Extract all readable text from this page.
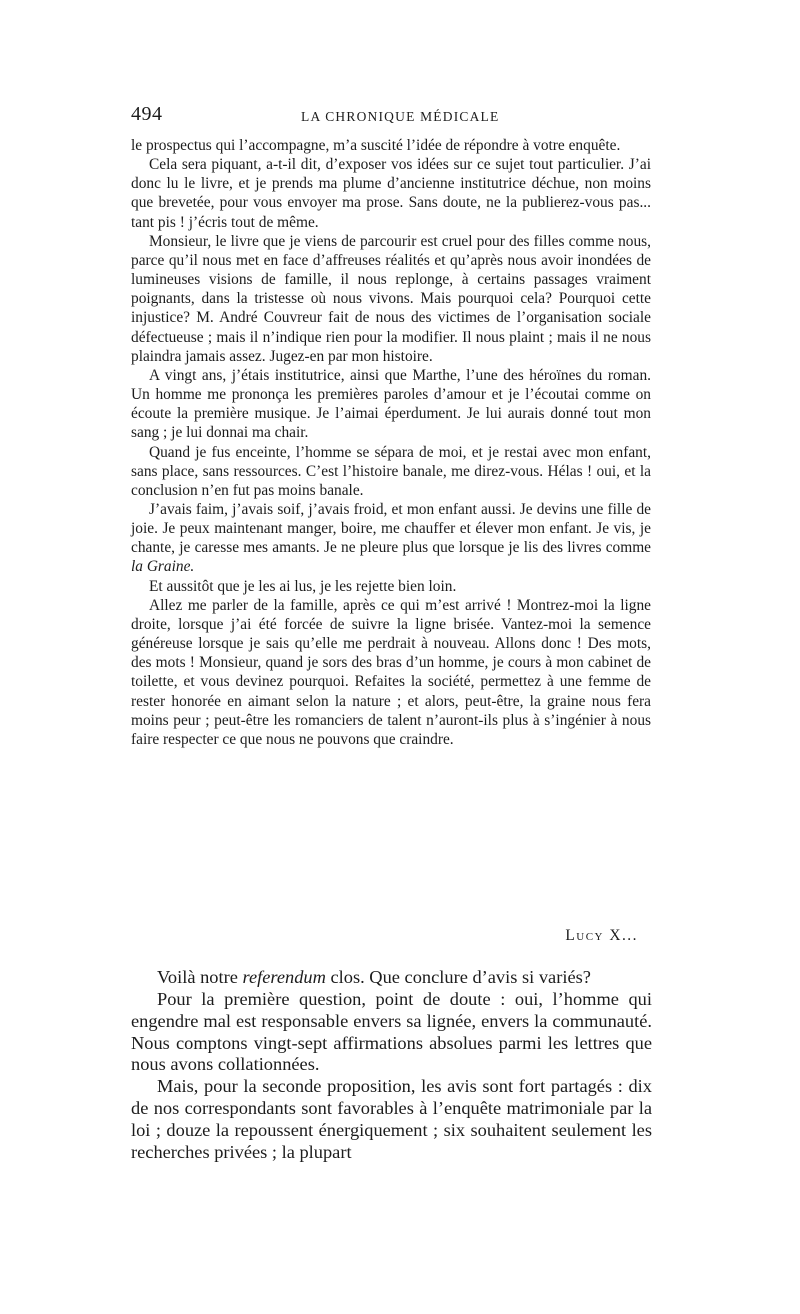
494	LA CHRONIQUE MÉDICALE

le prospectus qui l’accompagne, m’a suscité l’idée de répondre à votre enquête.

Cela sera piquant, a-t-il dit, d’exposer vos idées sur ce sujet tout particulier. J’ai donc lu le livre, et je prends ma plume d’ancienne institutrice déchue, non moins que brevetée, pour vous envoyer ma prose. Sans doute, ne la publierez-vous pas... tant pis ! j’écris tout de même.

Monsieur, le livre que je viens de parcourir est cruel pour des filles comme nous, parce qu’il nous met en face d’affreuses réalités et qu’après nous avoir inondées de lumineuses visions de famille, il nous replonge, à certains passages vraiment poignants, dans la tristesse où nous vivons. Mais pourquoi cela? Pourquoi cette injustice? M. André Couvreur fait de nous des victimes de l’organisation sociale défectueuse ; mais il n’indique rien pour la modifier. Il nous plaint ; mais il ne nous plaindra jamais assez. Jugez-en par mon histoire.

A vingt ans, j’étais institutrice, ainsi que Marthe, l’une des héroïnes du roman. Un homme me prononça les premières paroles d’amour et je l’écoutai comme on écoute la première musique. Je l’aimai éperdument. Je lui aurais donné tout mon sang ; je lui donnai ma chair.

Quand je fus enceinte, l’homme se sépara de moi, et je restai avec mon enfant, sans place, sans ressources. C’est l’histoire banale, me direz-vous. Hélas ! oui, et la conclusion n’en fut pas moins banale.

J’avais faim, j’avais soif, j’avais froid, et mon enfant aussi. Je devins une fille de joie. Je peux maintenant manger, boire, me chauffer et élever mon enfant. Je vis, je chante, je caresse mes amants. Je ne pleure plus que lorsque je lis des livres comme la Graine.

Et aussitôt que je les ai lus, je les rejette bien loin.

Allez me parler de la famille, après ce qui m’est arrivé ! Montrez-moi la ligne droite, lorsque j’ai été forcée de suivre la ligne brisée. Vantez-moi la semence généreuse lorsque je sais qu’elle me perdrait à nouveau. Allons donc ! Des mots, des mots ! Monsieur, quand je sors des bras d’un homme, je cours à mon cabinet de toilette, et vous devinez pourquoi. Refaites la société, permettez à une femme de rester honorée en aimant selon la nature ; et alors, peut-être, la graine nous fera moins peur ; peut-être les romanciers de talent n’auront-ils plus à s’ingénier à nous faire respecter ce que nous ne pouvons que craindre.

Lucy X...

Voilà notre referendum clos. Que conclure d’avis si variés?

Pour la première question, point de doute : oui, l’homme qui engendre mal est responsable envers sa lignée, envers la communauté. Nous comptons vingt-sept affirmations absolues parmi les lettres que nous avons collationnées.

Mais, pour la seconde proposition, les avis sont fort partagés : dix de nos correspondants sont favorables à l’enquête matrimoniale par la loi ; douze la repoussent énergiquement ; six souhaitent seulement les recherches privées ; la plupart
